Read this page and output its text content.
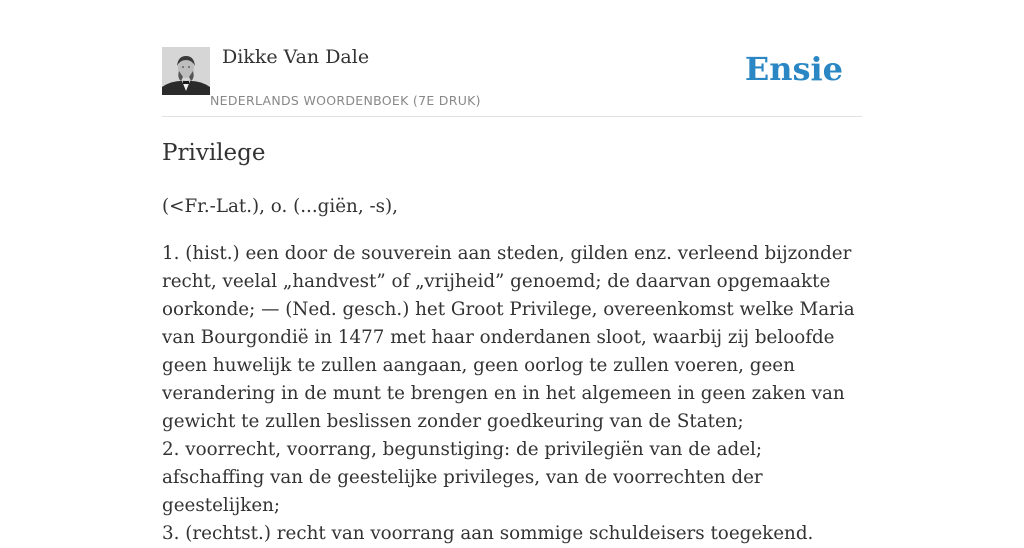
Dikke Van Dale
NEDERLANDS WOORDENBOEK (7E DRUK)
Ensie
Privilege

(<Fr.-Lat.), o. (...giën, -s),

1. (hist.) een door de souverein aan steden, gilden enz. verleend bijzonder recht, veelal „handvest” of „vrijheid” genoemd; de daarvan opgemaakte oorkonde; — (Ned. gesch.) het Groot Privilege, overeenkomst welke Maria van Bourgondië in 1477 met haar onderdanen sloot, waarbij zij beloofde geen huwelijk te zullen aangaan, geen oorlog te zullen voeren, geen verandering in de munt te brengen en in het algemeen in geen zaken van gewicht te zullen beslissen zonder goedkeuring van de Staten;

2. voorrecht, voorrang, begunstiging: de privilegiën van de adel; afschaffing van de geestelijke privileges, van de voorrechten der geestelijken;

3. (rechtst.) recht van voorrang aan sommige schuldeisers toegekend.
